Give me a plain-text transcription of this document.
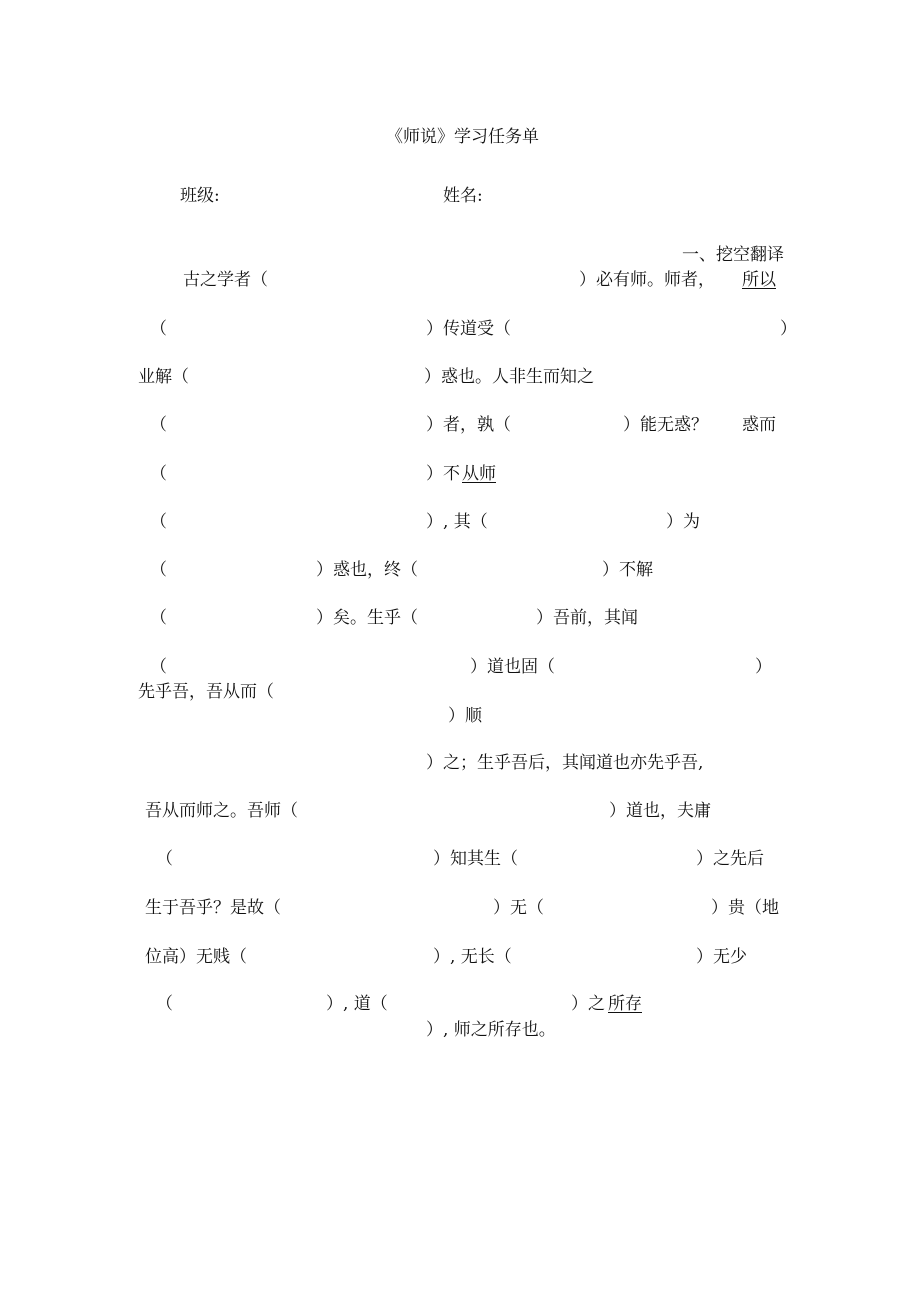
《师说》学习任务单
班级:	姓名:
一、挖空翻译
古之学者（	）必有师。师者， 所以
（	）传道受（	）
业解（	）惑也。人非生而知之
（	）者，孰（	）能无惑？ 惑而
（	）不 从师
（	）, 其（	）为
（	）惑也，终（	）不解
（	）矣。生乎（	）吾前，其闻
（	）道也固（	）
先乎吾，吾从而（
）顺
）之；生乎吾后，其闻道也亦先乎吾,
吾从而师之。吾师（	）道也，夫庸
（	）知其生（	）之先后
生于吾乎？是故（	）无（	）贵（地
位高）无贱（	）, 无长（	）无少
（	）, 道（	）之 所存
）, 师之所存也。
